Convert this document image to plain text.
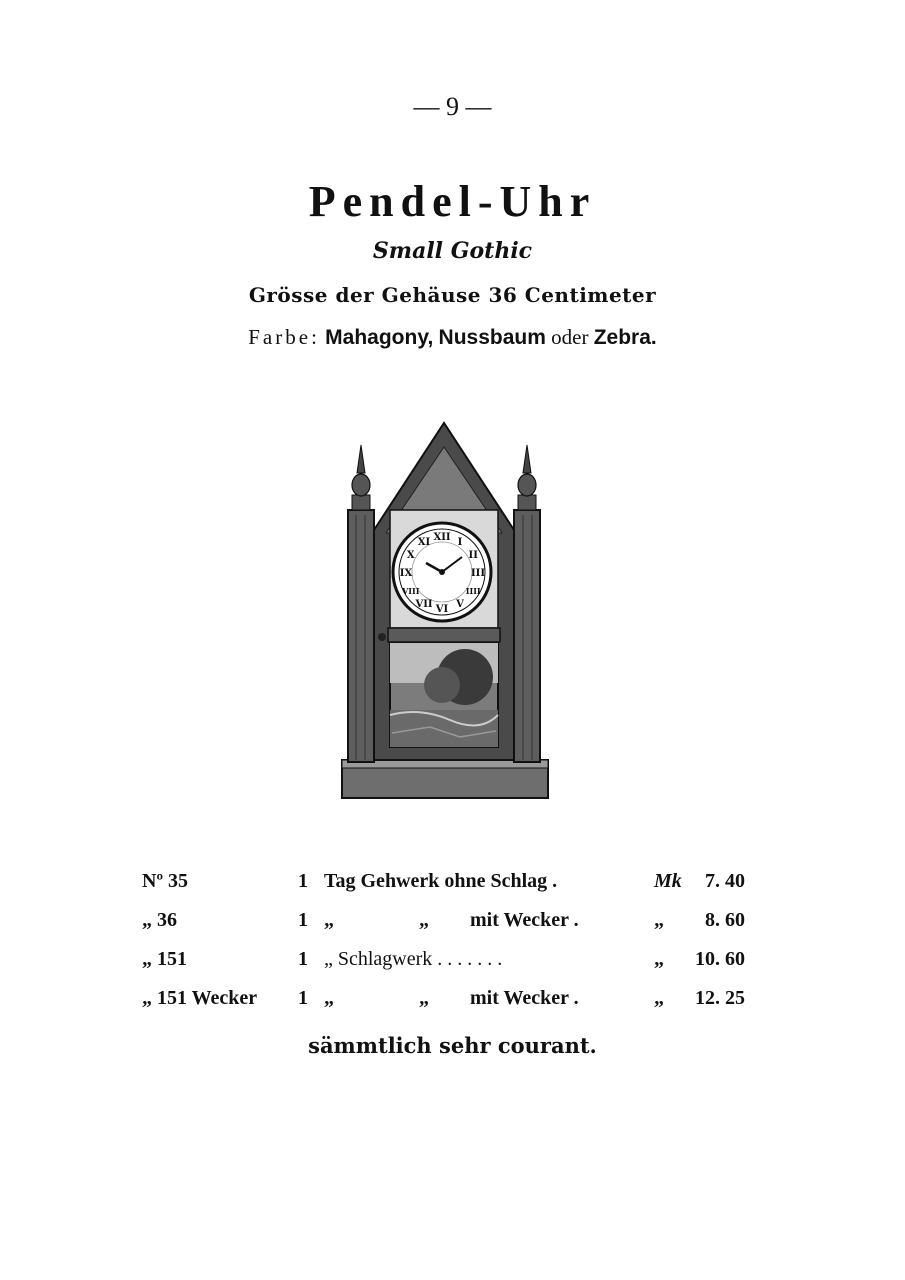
— 9 —
Pendel-Uhr
Small Gothic
Grösse der Gehäuse 36 Centimeter
Farbe: Mahagony, Nussbaum oder Zebra.
XII I
II
III
IIII
V
VI
VII
VIII
IX
X
XI
Nº 35	1 Tag Gehwerk ohne Schlag .	Mk 7. 40
„ 36	1 „ „ mit Wecker .	„ 8. 60
„ 151	1 „ Schlagwerk . . . . . . .	„ 10. 60
„ 151 Wecker 1 „ „ mit Wecker .	„ 12. 25
sämmtlich sehr courant.
